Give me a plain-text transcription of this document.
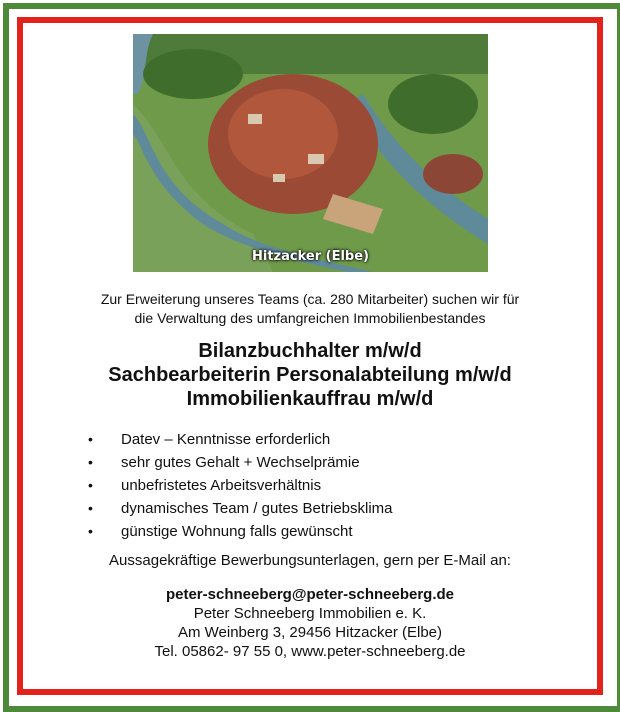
Hitzacker (Elbe)
Zur Erweiterung unseres Teams (ca. 280 Mitarbeiter) suchen wir für
die Verwaltung des umfangreichen Immobilienbestandes
Bilanzbuchhalter m/w/d
Sachbearbeiterin Personalabteilung m/w/d
Immobilienkauffrau m/w/d
• Datev – Kenntnisse erforderlich
• sehr gutes Gehalt + Wechselprämie
• unbefristetes Arbeitsverhältnis
• dynamisches Team / gutes Betriebsklima
• günstige Wohnung falls gewünscht
Aussagekräftige Bewerbungsunterlagen, gern per E-Mail an:
peter-schneeberg@peter-schneeberg.de
Peter Schneeberg Immobilien e. K.
Am Weinberg 3, 29456 Hitzacker (Elbe)
Tel. 05862- 97 55 0, www.peter-schneeberg.de
